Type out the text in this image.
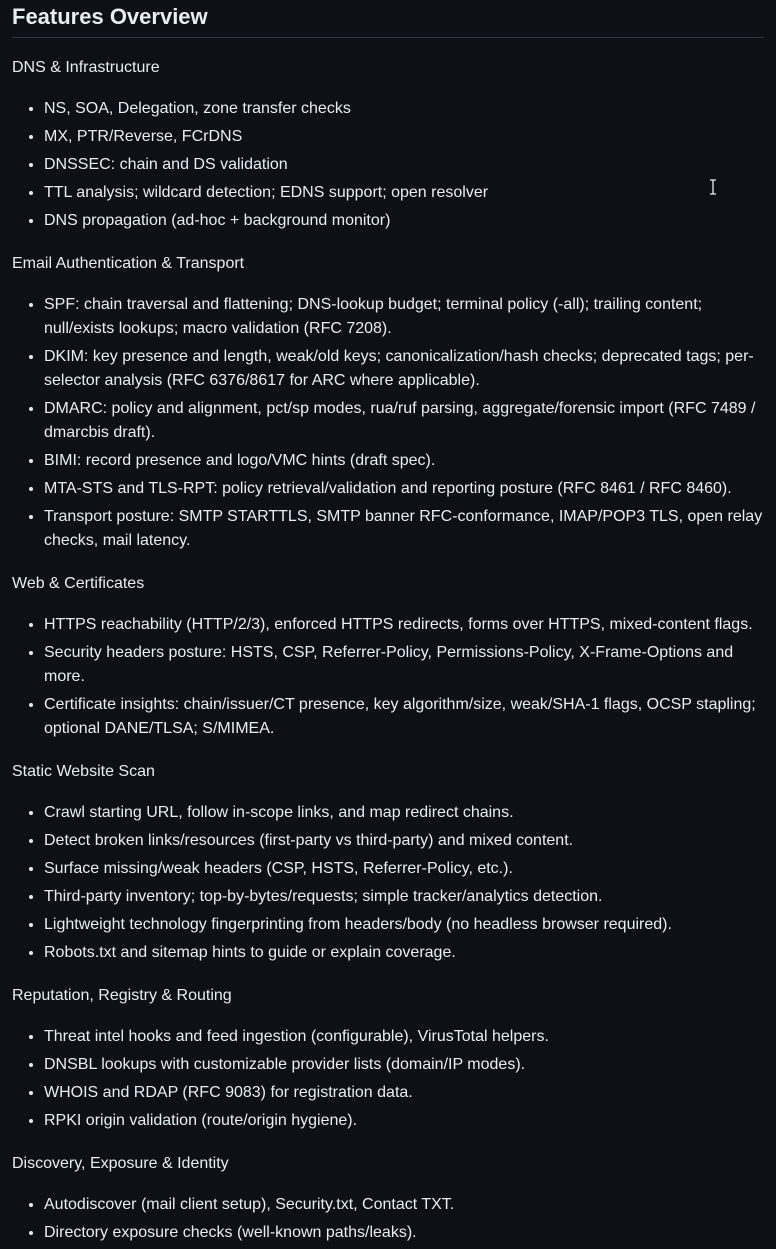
Features Overview
DNS & Infrastructure
• NS, SOA, Delegation, zone transfer checks
• MX, PTR/Reverse, FCrDNS
• DNSSEC: chain and DS validation
• TTL analysis; wildcard detection; EDNS support; open resolver
• DNS propagation (ad-hoc + background monitor)
Email Authentication & Transport
• SPF: chain traversal and flattening; DNS-lookup budget; terminal policy (-all); trailing content; null/exists lookups; macro validation (RFC 7208).
• DKIM: key presence and length, weak/old keys; canonicalization/hash checks; deprecated tags; per-selector analysis (RFC 6376/8617 for ARC where applicable).
• DMARC: policy and alignment, pct/sp modes, rua/ruf parsing, aggregate/forensic import (RFC 7489 / dmarcbis draft).
• BIMI: record presence and logo/VMC hints (draft spec).
• MTA-STS and TLS-RPT: policy retrieval/validation and reporting posture (RFC 8461 / RFC 8460).
• Transport posture: SMTP STARTTLS, SMTP banner RFC-conformance, IMAP/POP3 TLS, open relay checks, mail latency.
Web & Certificates
• HTTPS reachability (HTTP/2/3), enforced HTTPS redirects, forms over HTTPS, mixed-content flags.
• Security headers posture: HSTS, CSP, Referrer-Policy, Permissions-Policy, X-Frame-Options and more.
• Certificate insights: chain/issuer/CT presence, key algorithm/size, weak/SHA-1 flags, OCSP stapling; optional DANE/TLSA; S/MIMEA.
Static Website Scan
• Crawl starting URL, follow in-scope links, and map redirect chains.
• Detect broken links/resources (first-party vs third-party) and mixed content.
• Surface missing/weak headers (CSP, HSTS, Referrer-Policy, etc.).
• Third-party inventory; top-by-bytes/requests; simple tracker/analytics detection.
• Lightweight technology fingerprinting from headers/body (no headless browser required).
• Robots.txt and sitemap hints to guide or explain coverage.
Reputation, Registry & Routing
• Threat intel hooks and feed ingestion (configurable), VirusTotal helpers.
• DNSBL lookups with customizable provider lists (domain/IP modes).
• WHOIS and RDAP (RFC 9083) for registration data.
• RPKI origin validation (route/origin hygiene).
Discovery, Exposure & Identity
• Autodiscover (mail client setup), Security.txt, Contact TXT.
• Directory exposure checks (well-known paths/leaks).
